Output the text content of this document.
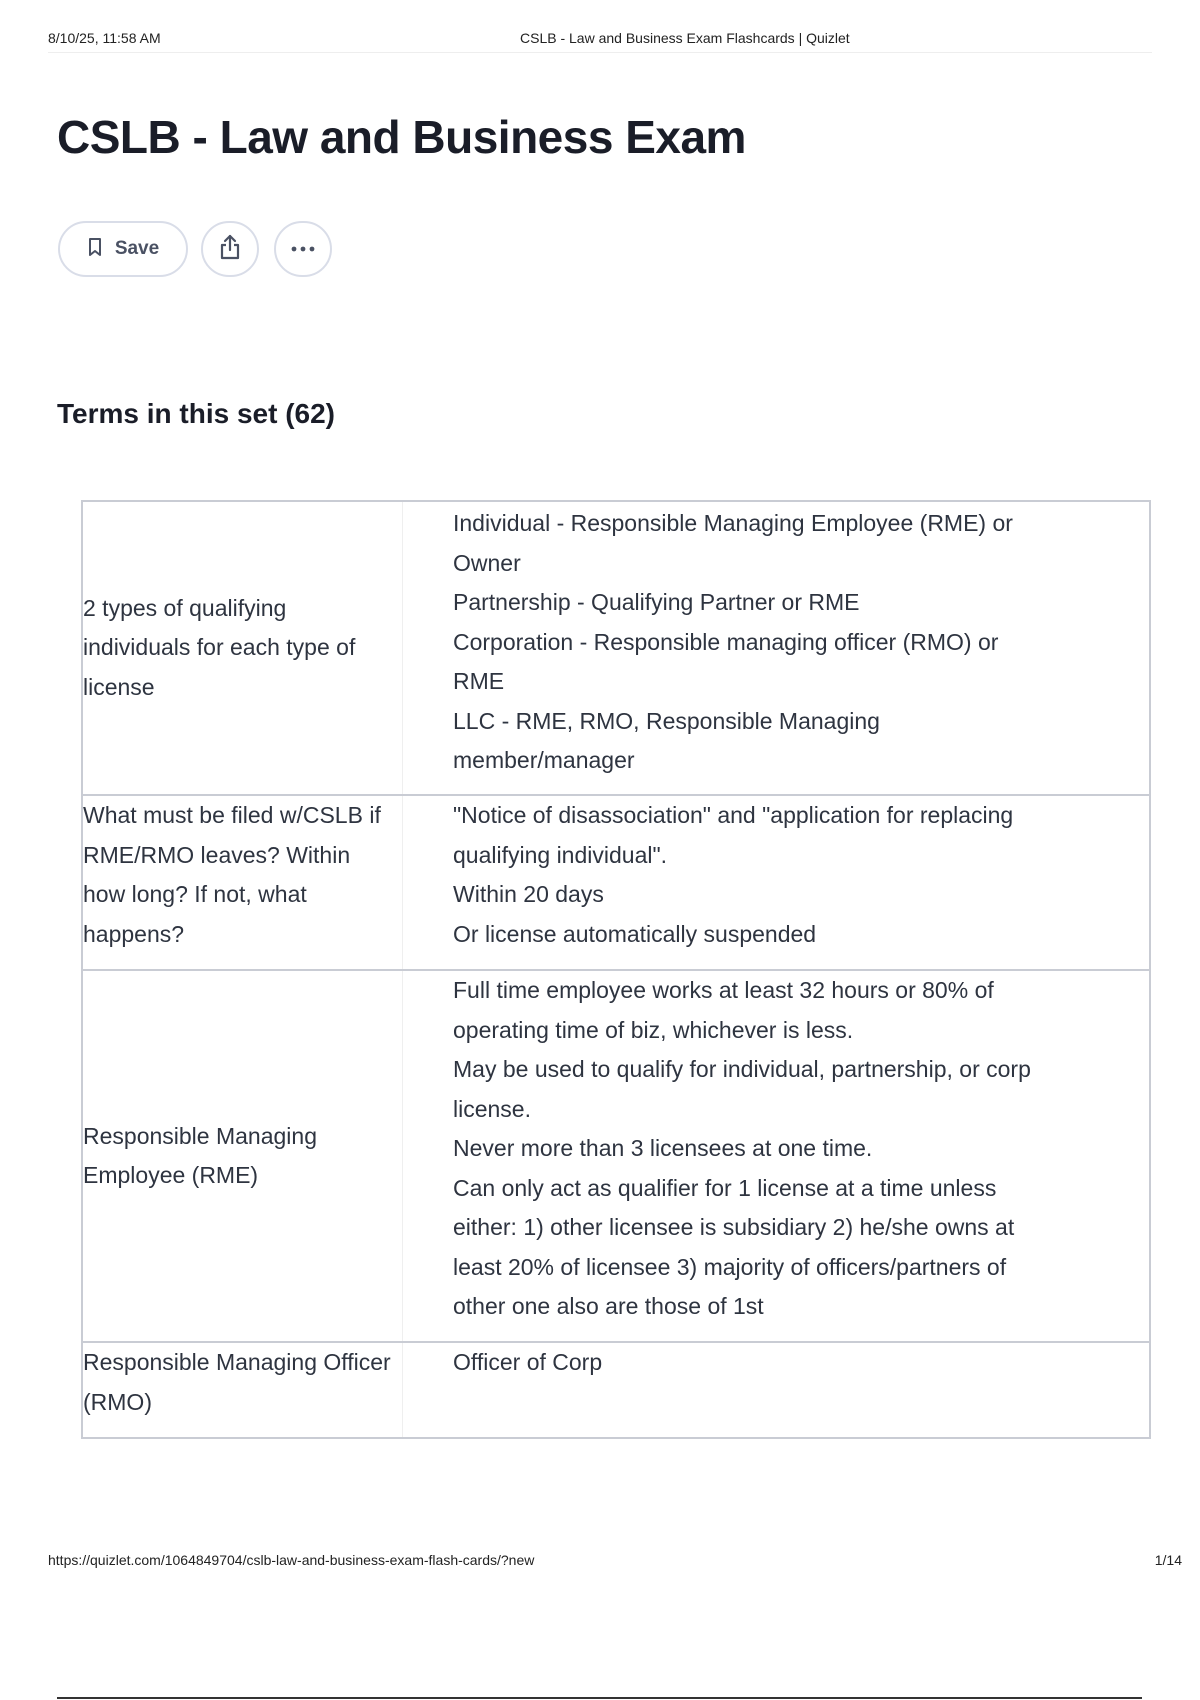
8/10/25, 11:58 AM	CSLB - Law and Business Exam Flashcards | Quizlet
CSLB - Law and Business Exam
Save
Terms in this set (62)
2 types of qualifying individuals for each type of license
Individual - Responsible Managing Employee (RME) or Owner
Partnership - Qualifying Partner or RME
Corporation - Responsible managing officer (RMO) or RME
LLC - RME, RMO, Responsible Managing member/manager
What must be filed w/CSLB if RME/RMO leaves? Within how long? If not, what happens?
"Notice of disassociation" and "application for replacing qualifying individual".
Within 20 days
Or license automatically suspended
Responsible Managing Employee (RME)
Full time employee works at least 32 hours or 80% of operating time of biz, whichever is less.
May be used to qualify for individual, partnership, or corp license.
Never more than 3 licensees at one time.
Can only act as qualifier for 1 license at a time unless either: 1) other licensee is subsidiary 2) he/she owns at least 20% of licensee 3) majority of officers/partners of other one also are those of 1st
Responsible Managing Officer (RMO)
Officer of Corp
https://quizlet.com/1064849704/cslb-law-and-business-exam-flash-cards/?new	1/14
